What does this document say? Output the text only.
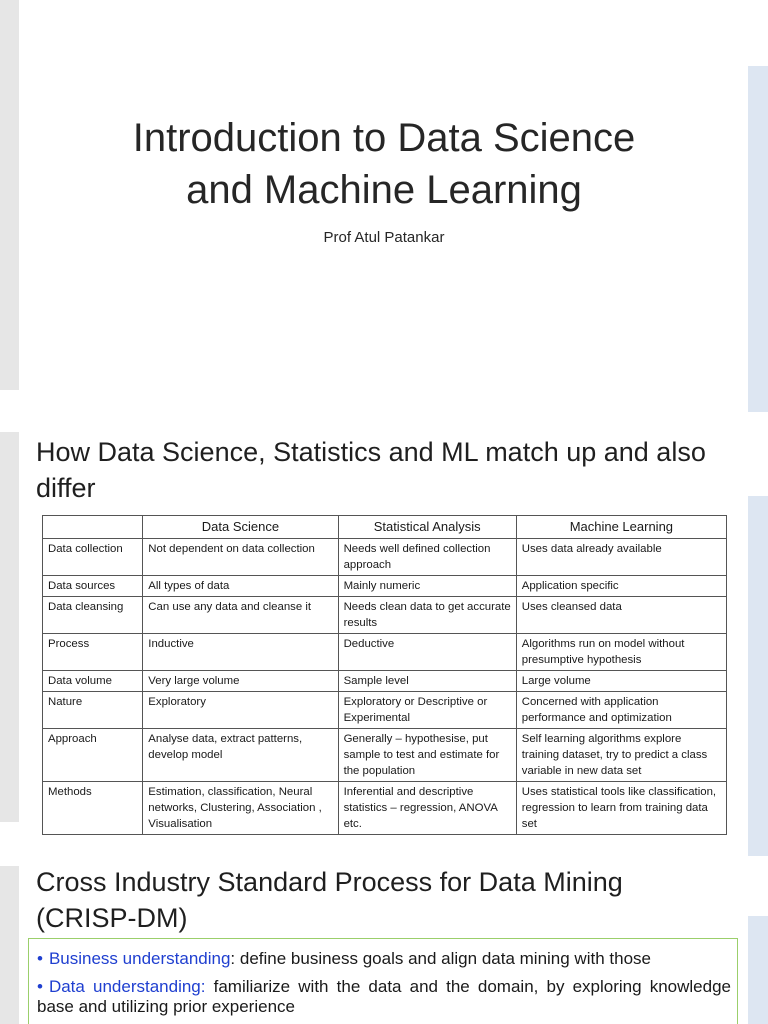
Introduction to Data Science
and Machine Learning
Prof Atul Patankar
How Data Science, Statistics and ML match up and also differ
	Data Science	Statistical Analysis	Machine Learning
Data collection	Not dependent on data collection	Needs well defined collection approach	Uses data already available
Data sources	All types of data	Mainly numeric	Application specific
Data cleansing	Can use any data and cleanse it	Needs clean data to get accurate results	Uses cleansed data
Process	Inductive	Deductive	Algorithms run on model without presumptive hypothesis
Data volume	Very large volume	Sample level	Large volume
Nature	Exploratory	Exploratory or Descriptive or Experimental	Concerned with application performance and optimization
Approach	Analyse data, extract patterns, develop model	Generally – hypothesise, put sample to test and estimate for the population	Self learning algorithms explore training dataset, try to predict a class variable in new data set
Methods	Estimation, classification, Neural networks, Clustering, Association , Visualisation	Inferential and descriptive statistics – regression, ANOVA etc.	Uses statistical tools like classification, regression to learn from training data set
Cross Industry Standard Process for Data Mining (CRISP-DM)
• Business understanding: define business goals and align data mining with those
• Data understanding: familiarize with the data and the domain, by exploring knowledge base and utilizing prior experience
